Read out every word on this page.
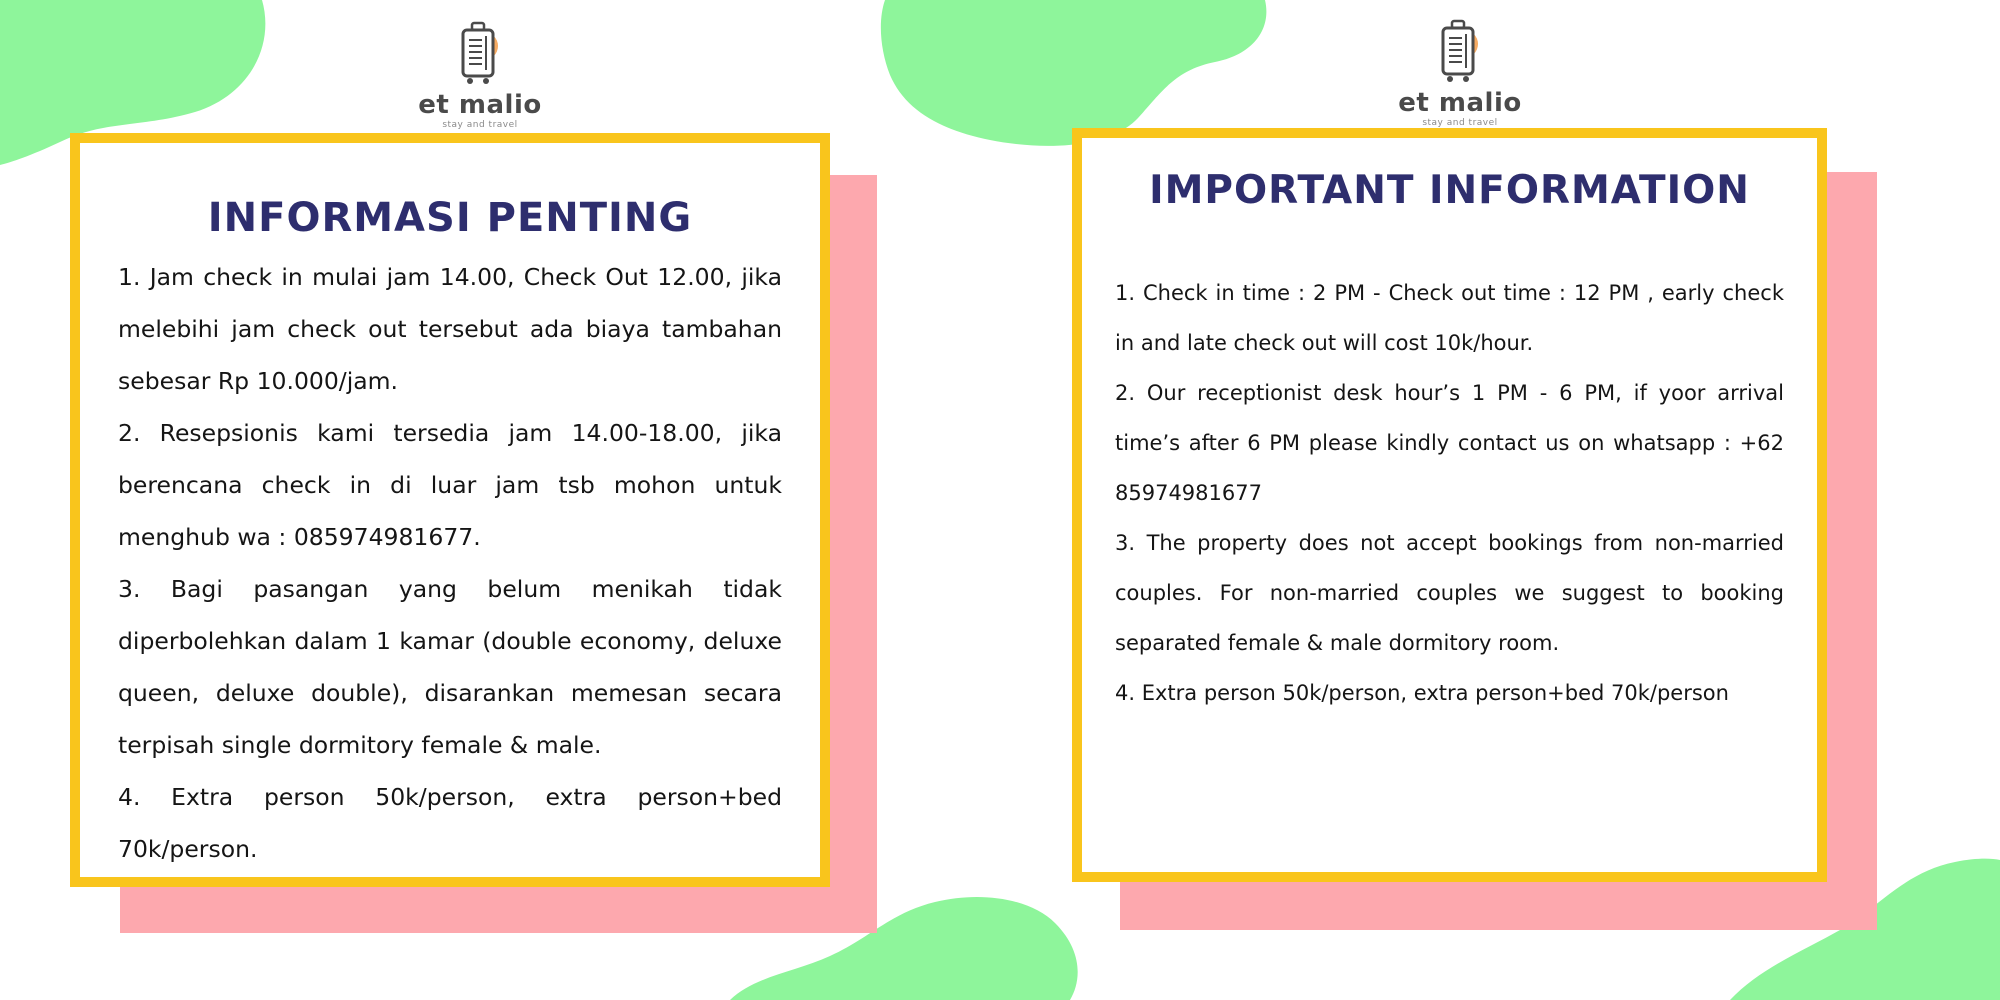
et malio
stay and travel
INFORMASI PENTING

1. Jam check in mulai jam 14.00, Check Out 12.00, jika melebihi jam check out tersebut ada biaya tambahan sebesar Rp 10.000/jam.

2. Resepsionis kami tersedia jam 14.00-18.00, jika berencana check in di luar jam tsb mohon untuk menghub wa : 085974981677.

3. Bagi pasangan yang belum menikah tidak diperbolehkan dalam 1 kamar (double economy, deluxe queen, deluxe double), disarankan memesan secara terpisah single dormitory female & male.

4. Extra person 50k/person, extra person+bed 70k/person.

et malio
stay and travel
IMPORTANT INFORMATION

1. Check in time : 2 PM - Check out time : 12 PM , early check in and late check out will cost 10k/hour.

2. Our receptionist desk hour’s 1 PM - 6 PM, if yoor arrival time’s after 6 PM please kindly contact us on whatsapp : +62 85974981677

3. The property does not accept bookings from non-married couples. For non-married couples we suggest to booking separated female & male dormitory room.

4. Extra person 50k/person, extra person+bed 70k/person
